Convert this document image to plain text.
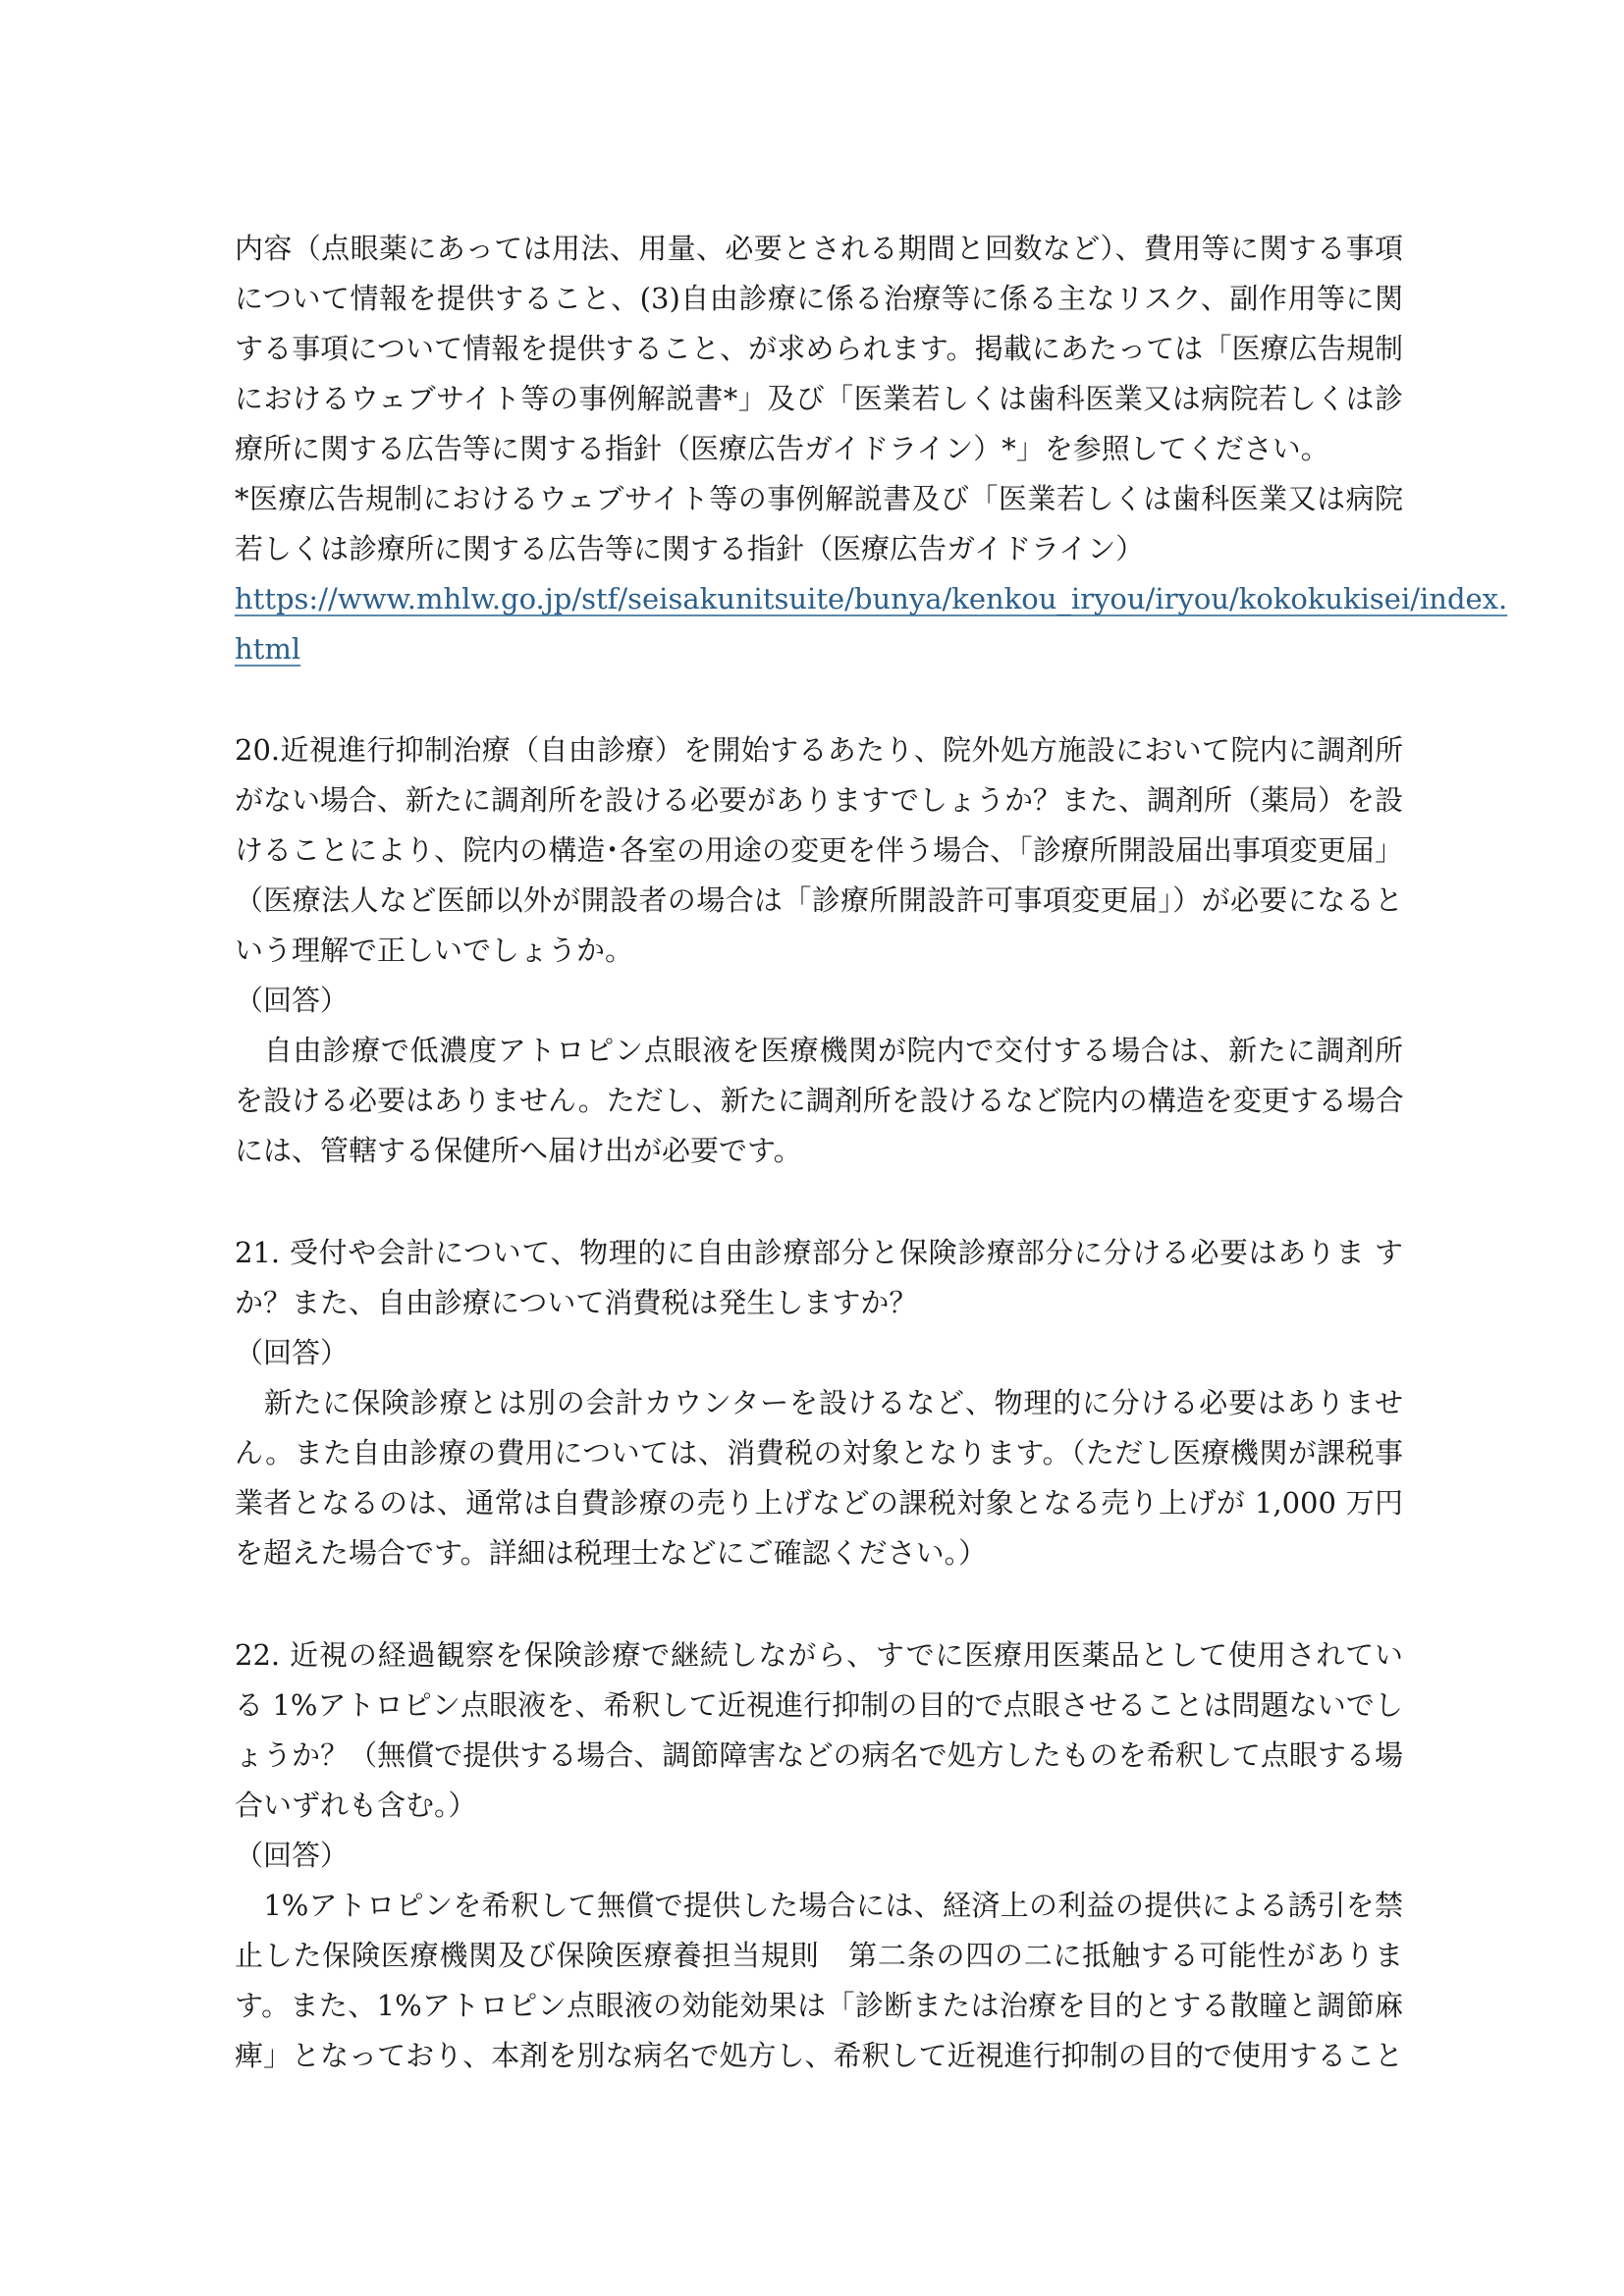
内容（点眼薬にあっては用法、用量、必要とされる期間と回数など）、費用等に関する事項
について情報を提供すること、(3)自由診療に係る治療等に係る主なリスク、副作用等に関
する事項について情報を提供すること、が求められます。掲載にあたっては「医療広告規制
におけるウェブサイト等の事例解説書*」及び「医業若しくは歯科医業又は病院若しくは診
療所に関する広告等に関する指針（医療広告ガイドライン）*」を参照してください。
*医療広告規制におけるウェブサイト等の事例解説書及び「医業若しくは歯科医業又は病院
若しくは診療所に関する広告等に関する指針（医療広告ガイドライン）
https://www.mhlw.go.jp/stf/seisakunitsuite/bunya/kenkou_iryou/iryou/kokokukisei/index.
html
20.近視進行抑制治療（自由診療）を開始するあたり、院外処方施設において院内に調剤所
がない場合、新たに調剤所を設ける必要がありますでしょうか？また、調剤所（薬局）を設
けることにより、院内の構造･各室の用途の変更を伴う場合、｢診療所開設届出事項変更届」
（医療法人など医師以外が開設者の場合は「診療所開設許可事項変更届」）が必要になると
いう理解で正しいでしょうか。
（回答）
　自由診療で低濃度アトロピン点眼液を医療機関が院内で交付する場合は、新たに調剤所
を設ける必要はありません。ただし、新たに調剤所を設けるなど院内の構造を変更する場合
には、管轄する保健所へ届け出が必要です。
21. 受付や会計について、物理的に自由診療部分と保険診療部分に分ける必要はありま す
か？また、自由診療について消費税は発生しますか？
（回答）
　新たに保険診療とは別の会計カウンターを設けるなど、物理的に分ける必要はありませ
ん。また自由診療の費用については、消費税の対象となります。（ただし医療機関が課税事
業者となるのは、通常は自費診療の売り上げなどの課税対象となる売り上げが 1,000 万円
を超えた場合です。詳細は税理士などにご確認ください。）
22. 近視の経過観察を保険診療で継続しながら、すでに医療用医薬品として使用されてい
る 1%アトロピン点眼液を、希釈して近視進行抑制の目的で点眼させることは問題ないでし
ょうか？（無償で提供する場合、調節障害などの病名で処方したものを希釈して点眼する場
合いずれも含む。）
（回答）
　1%アトロピンを希釈して無償で提供した場合には、経済上の利益の提供による誘引を禁
止した保険医療機関及び保険医療養担当規則　第二条の四の二に抵触する可能性がありま
す。また、1%アトロピン点眼液の効能効果は「診断または治療を目的とする散瞳と調節麻
痺」となっており、本剤を別な病名で処方し、希釈して近視進行抑制の目的で使用すること
